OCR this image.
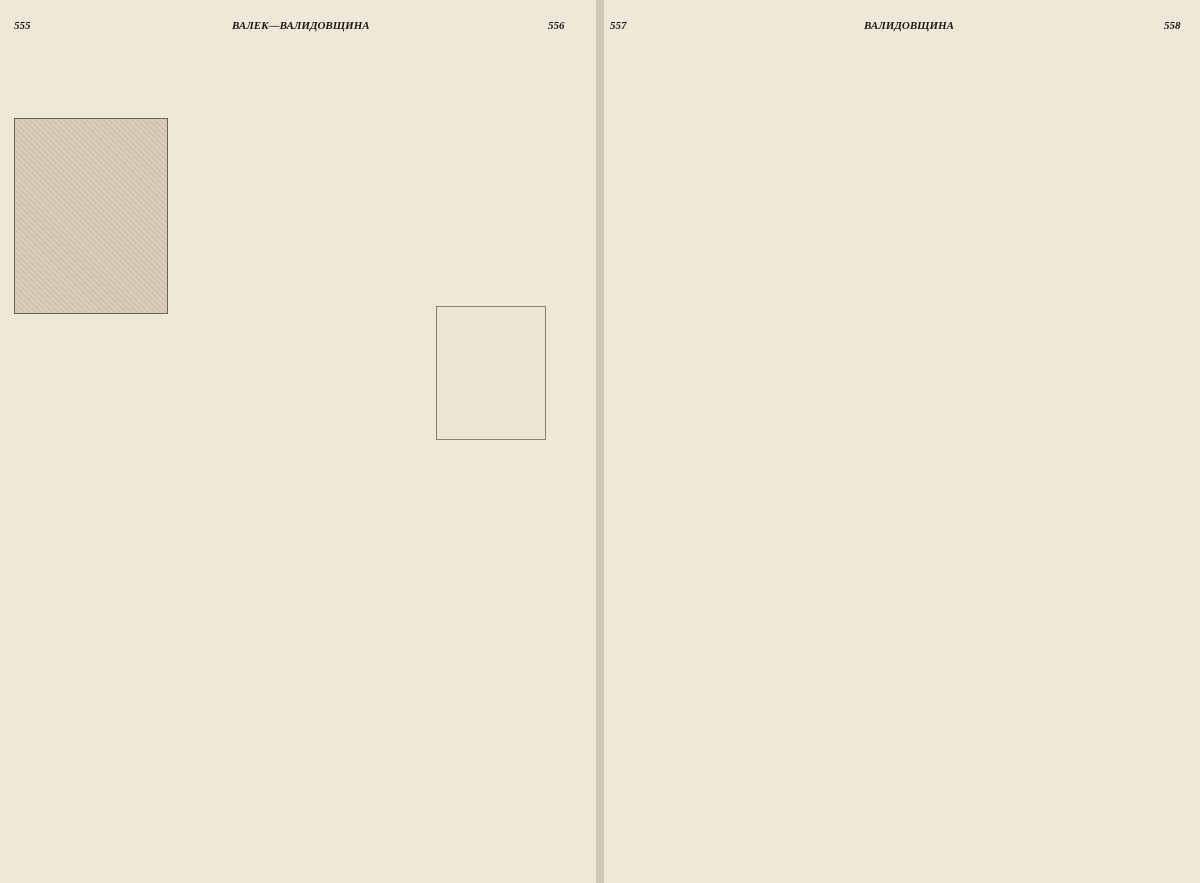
555	ВАЛЕК—ВАЛИДОВЩИНА	556	557	ВАЛИДОВЩИНА	558
